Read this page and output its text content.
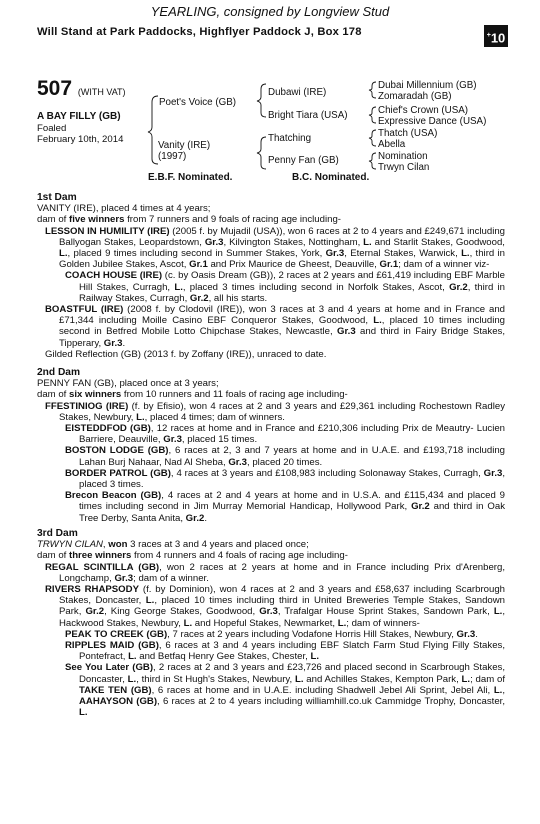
YEARLING, consigned by Longview Stud
Will Stand at Park Paddocks, Highflyer Paddock J, Box 178	+10
507 (WITH VAT)
A BAY FILLY (GB)
Foaled
February 10th, 2014
Poet's Voice (GB)
Vanity (IRE)
(1997)
Dubawi (IRE)
Bright Tiara (USA)
Thatching
Penny Fan (GB)
Dubai Millennium (GB)
Zomaradah (GB)
Chief's Crown (USA)
Expressive Dance (USA)
Thatch (USA)
Abella
Nomination
Trwyn Cilan
E.B.F. Nominated.	B.C. Nominated.
1st Dam

VANITY (IRE), placed 4 times at 4 years;

dam of five winners from 7 runners and 9 foals of racing age including-

LESSON IN HUMILITY (IRE) (2005 f. by Mujadil (USA)), won 6 races at 2 to 4 years and £249,671 including Ballyogan Stakes, Leopardstown, Gr.3, Kilvington Stakes, Nottingham, L. and Starlit Stakes, Goodwood, L., placed 9 times including second in Summer Stakes, York, Gr.3, Eternal Stakes, Warwick, L., third in Golden Jubilee Stakes, Ascot, Gr.1 and Prix Maurice de Gheest, Deauville, Gr.1; dam of a winner viz-

COACH HOUSE (IRE) (c. by Oasis Dream (GB)), 2 races at 2 years and £61,419 including EBF Marble Hill Stakes, Curragh, L., placed 3 times including second in Norfolk Stakes, Ascot, Gr.2, third in Railway Stakes, Curragh, Gr.2, all his starts.

BOASTFUL (IRE) (2008 f. by Clodovil (IRE)), won 3 races at 3 and 4 years at home and in France and £71,344 including Moille Casino EBF Conqueror Stakes, Goodwood, L., placed 10 times including second in Betfred Mobile Lotto Chipchase Stakes, Newcastle, Gr.3 and third in Fairy Bridge Stakes, Tipperary, Gr.3.

Gilded Reflection (GB) (2013 f. by Zoffany (IRE)), unraced to date.

2nd Dam

PENNY FAN (GB), placed once at 3 years;

dam of six winners from 10 runners and 11 foals of racing age including-

FFESTINIOG (IRE) (f. by Efisio), won 4 races at 2 and 3 years and £29,361 including Rochestown Radley Stakes, Newbury, L., placed 4 times; dam of winners.

EISTEDDFOD (GB), 12 races at home and in France and £210,306 including Prix de Meautry- Lucien Barriere, Deauville, Gr.3, placed 15 times.

BOSTON LODGE (GB), 6 races at 2, 3 and 7 years at home and in U.A.E. and £193,718 including Lahan Burj Nahaar, Nad Al Sheba, Gr.3, placed 20 times.

BORDER PATROL (GB), 4 races at 3 years and £108,983 including Solonaway Stakes, Curragh, Gr.3, placed 3 times.

Brecon Beacon (GB), 4 races at 2 and 4 years at home and in U.S.A. and £115,434 and placed 9 times including second in Jim Murray Memorial Handicap, Hollywood Park, Gr.2 and third in Oak Tree Derby, Santa Anita, Gr.2.

3rd Dam

TRWYN CILAN, won 3 races at 3 and 4 years and placed once;

dam of three winners from 4 runners and 4 foals of racing age including-

REGAL SCINTILLA (GB), won 2 races at 2 years at home and in France including Prix d'Arenberg, Longchamp, Gr.3; dam of a winner.

RIVERS RHAPSODY (f. by Dominion), won 4 races at 2 and 3 years and £58,637 including Scarbrough Stakes, Doncaster, L., placed 10 times including third in United Breweries Temple Stakes, Sandown Park, Gr.2, King George Stakes, Goodwood, Gr.3, Trafalgar House Sprint Stakes, Sandown Park, L., Hackwood Stakes, Newbury, L. and Hopeful Stakes, Newmarket, L.; dam of winners-

PEAK TO CREEK (GB), 7 races at 2 years including Vodafone Horris Hill Stakes, Newbury, Gr.3.

RIPPLES MAID (GB), 6 races at 3 and 4 years including EBF Slatch Farm Stud Flying Filly Stakes, Pontefract, L. and Betfaq Henry Gee Stakes, Chester, L.

See You Later (GB), 2 races at 2 and 3 years and £23,726 and placed second in Scarbrough Stakes, Doncaster, L., third in St Hugh's Stakes, Newbury, L. and Achilles Stakes, Kempton Park, L.; dam of TAKE TEN (GB), 6 races at home and in U.A.E. including Shadwell Jebel Ali Sprint, Jebel Ali, L., AAHAYSON (GB), 6 races at 2 to 4 years including williamhill.co.uk Cammidge Trophy, Doncaster, L.
